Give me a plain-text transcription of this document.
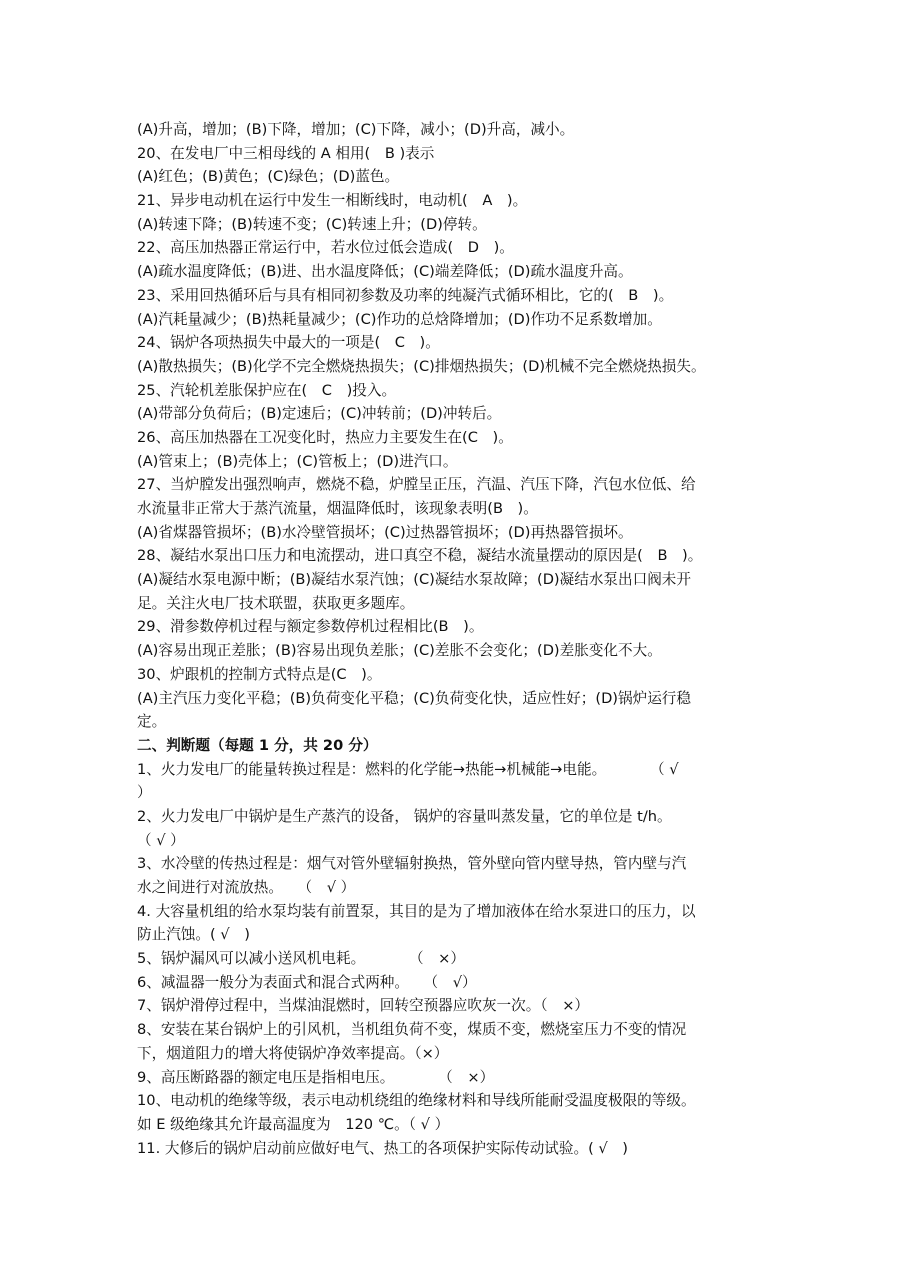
(A)升高，增加；(B)下降，增加；(C)下降，减小；(D)升高，减小。
20、在发电厂中三相母线的 A 相用(　B )表示
(A)红色；(B)黄色；(C)绿色；(D)蓝色。
21、异步电动机在运行中发生一相断线时，电动机(　A　)。
(A)转速下降；(B)转速不变；(C)转速上升；(D)停转。
22、高压加热器正常运行中，若水位过低会造成(　D　)。
(A)疏水温度降低；(B)进、出水温度降低；(C)端差降低；(D)疏水温度升高。
23、采用回热循环后与具有相同初参数及功率的纯凝汽式循环相比，它的(　B　)。
(A)汽耗量减少；(B)热耗量减少；(C)作功的总焓降增加；(D)作功不足系数增加。
24、锅炉各项热损失中最大的一项是(　C　)。
(A)散热损失；(B)化学不完全燃烧热损失；(C)排烟热损失；(D)机械不完全燃烧热损失。
25、汽轮机差胀保护应在(　C　)投入。
(A)带部分负荷后；(B)定速后；(C)冲转前；(D)冲转后。
26、高压加热器在工况变化时，热应力主要发生在(C　)。
(A)管束上；(B)壳体上；(C)管板上；(D)进汽口。
27、当炉膛发出强烈响声，燃烧不稳，炉膛呈正压，汽温、汽压下降，汽包水位低、给
水流量非正常大于蒸汽流量，烟温降低时，该现象表明(B　)。
(A)省煤器管损坏；(B)水冷壁管损坏；(C)过热器管损坏；(D)再热器管损坏。
28、凝结水泵出口压力和电流摆动，进口真空不稳，凝结水流量摆动的原因是(　B　)。
(A)凝结水泵电源中断；(B)凝结水泵汽蚀；(C)凝结水泵故障；(D)凝结水泵出口阀未开
足。关注火电厂技术联盟，获取更多题库。
29、滑参数停机过程与额定参数停机过程相比(B　)。
(A)容易出现正差胀；(B)容易出现负差胀；(C)差胀不会变化；(D)差胀变化不大。
30、炉跟机的控制方式特点是(C　)。
(A)主汽压力变化平稳；(B)负荷变化平稳；(C)负荷变化快，适应性好；(D)锅炉运行稳
定。
二、判断题（每题 1 分，共 20 分）
1、火力发电厂的能量转换过程是：燃料的化学能→热能→机械能→电能。　　　　（ √
）
2、火力发电厂中锅炉是生产蒸汽的设备， 锅炉的容量叫蒸发量，它的单位是 t/h。
（ √ ）
3、水冷壁的传热过程是：烟气对管外壁辐射换热，管外壁向管内壁导热，管内壁与汽
水之间进行对流放热。　　（　√ ）
4. 大容量机组的给水泵均装有前置泵，其目的是为了增加液体在给水泵进口的压力，以
防止汽蚀。( √　)
5、锅炉漏风可以减小送风机电耗。　　　　（　×）
6、减温器一般分为表面式和混合式两种。　　（　√）
7、锅炉滑停过程中，当煤油混燃时，回转空预器应吹灰一次。（　×）
8、安装在某台锅炉上的引风机，当机组负荷不变，煤质不变，燃烧室压力不变的情况
下，烟道阻力的增大将使锅炉净效率提高。（×）
9、高压断路器的额定电压是指相电压。　　　　（　×）
10、电动机的绝缘等级，表示电动机绕组的绝缘材料和导线所能耐受温度极限的等级。
如 E 级绝缘其允许最高温度为　120 ℃。（ √ ）
11. 大修后的锅炉启动前应做好电气、热工的各项保护实际传动试验。( √　)
